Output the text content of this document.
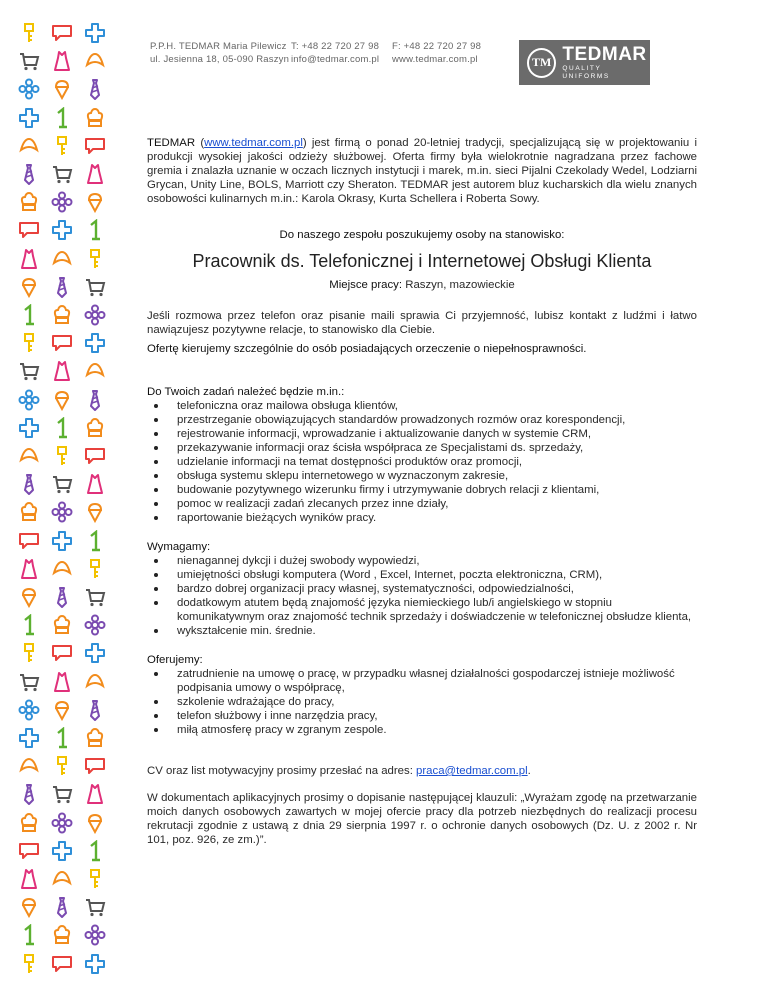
P.P.H. TEDMAR Maria Pilewicz
ul. Jesienna 18, 05-090 Raszyn
T: +48 22 720 27 98
info@tedmar.com.pl
F: +48 22 720 27 98
www.tedmar.com.pl	TM TEDMAR
QUALITY UNIFORMS

TEDMAR (www.tedmar.com.pl) jest firmą o ponad 20-letniej tradycji, specjalizującą się w projektowaniu i produkcji wysokiej jakości odzieży służbowej. Oferta firmy była wielokrotnie nagradzana przez fachowe gremia i znalazła uznanie w oczach licznych instytucji i marek, m.in. sieci Pijalni Czekolady Wedel, Lodziarni Grycan, Unity Line, BOLS, Marriott czy Sheraton. TEDMAR jest autorem bluz kucharskich dla wielu znanych osobowości kulinarnych m.in.: Karola Okrasy, Kurta Schellera i Roberta Sowy.

Do naszego zespołu poszukujemy osoby na stanowisko:

Pracownik ds. Telefonicznej i Internetowej Obsługi Klienta

Miejsce pracy: Raszyn, mazowieckie

Jeśli rozmowa przez telefon oraz pisanie maili sprawia Ci przyjemność, lubisz kontakt z ludźmi i łatwo nawiązujesz pozytywne relacje, to stanowisko dla Ciebie.

Ofertę kierujemy szczególnie do osób posiadających orzeczenie o niepełnosprawności.

Do Twoich zadań należeć będzie m.in.:

telefoniczna oraz mailowa obsługa klientów,
przestrzeganie obowiązujących standardów prowadzonych rozmów oraz korespondencji,
rejestrowanie informacji, wprowadzanie i aktualizowanie danych w systemie CRM,
przekazywanie informacji oraz ścisła współpraca ze Specjalistami ds. sprzedaży,
udzielanie informacji na temat dostępności produktów oraz promocji,
obsługa systemu sklepu internetowego w wyznaczonym zakresie,
budowanie pozytywnego wizerunku firmy i utrzymywanie dobrych relacji z klientami,
pomoc w realizacji zadań zlecanych przez inne działy,
raportowanie bieżących wyników pracy.

Wymagamy:

nienagannej dykcji i dużej swobody wypowiedzi,
umiejętności obsługi komputera (Word , Excel, Internet, poczta elektroniczna, CRM),
bardzo dobrej organizacji pracy własnej, systematyczności, odpowiedzialności,
dodatkowym atutem będą znajomość języka niemieckiego lub/i angielskiego w stopniu komunikatywnym oraz znajomość technik sprzedaży i doświadczenie w telefonicznej obsłudze klienta,
wykształcenie min. średnie.

Oferujemy:

zatrudnienie na umowę o pracę, w przypadku własnej działalności gospodarczej istnieje możliwość podpisania umowy o współpracę,
szkolenie wdrażające do pracy,
telefon służbowy i inne narzędzia pracy,
miłą atmosferę pracy w zgranym zespole.

CV oraz list motywacyjny prosimy przesłać na adres: praca@tedmar.com.pl.

W dokumentach aplikacyjnych prosimy o dopisanie następującej klauzuli: „Wyrażam zgodę na przetwarzanie moich danych osobowych zawartych w mojej ofercie pracy dla potrzeb niezbędnych do realizacji procesu rekrutacji zgodnie z ustawą z dnia 29 sierpnia 1997 r. o ochronie danych osobowych (Dz. U. z 2002 r. Nr 101, poz. 926, ze zm.)”.
